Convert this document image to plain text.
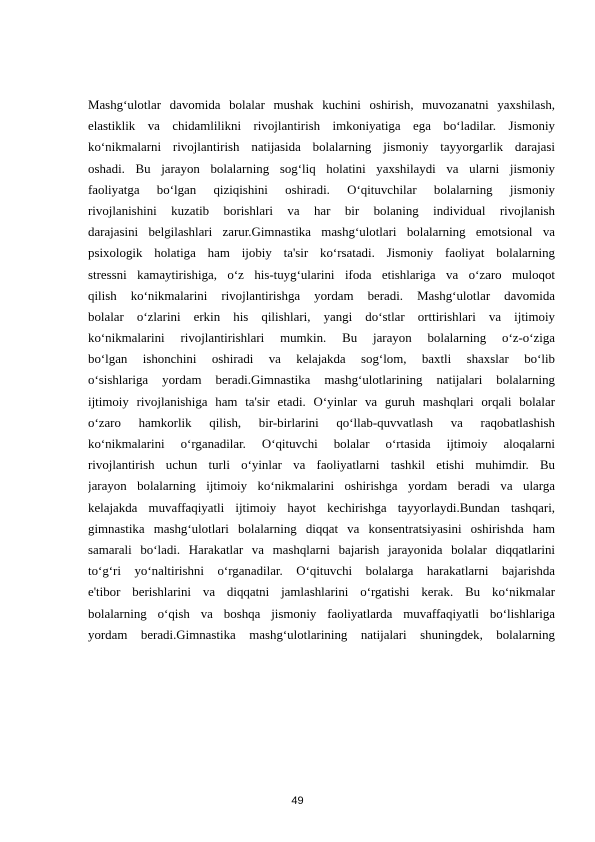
Mashg‘ulotlar davomida bolalar mushak kuchini oshirish, muvozanatni yaxshilash,
elastiklik va chidamlilikni rivojlantirish imkoniyatiga ega bo‘ladilar. Jismoniy
ko‘nikmalarni rivojlantirish natijasida bolalarning jismoniy tayyorgarlik darajasi
oshadi. Bu jarayon bolalarning sog‘liq holatini yaxshilaydi va ularni jismoniy
faoliyatga bo‘lgan qiziqishini oshiradi. O‘qituvchilar bolalarning jismoniy
rivojlanishini kuzatib borishlari va har bir bolaning individual rivojlanish
darajasini belgilashlari zarur.Gimnastika mashg‘ulotlari bolalarning emotsional va
psixologik holatiga ham ijobiy ta'sir ko‘rsatadi. Jismoniy faoliyat bolalarning
stressni kamaytirishiga, o‘z his-tuyg‘ularini ifoda etishlariga va o‘zaro muloqot
qilish ko‘nikmalarini rivojlantirishga yordam beradi. Mashg‘ulotlar davomida
bolalar o‘zlarini erkin his qilishlari, yangi do‘stlar orttirishlari va ijtimoiy
ko‘nikmalarini rivojlantirishlari mumkin. Bu jarayon bolalarning o‘z-o‘ziga
bo‘lgan ishonchini oshiradi va kelajakda sog‘lom, baxtli shaxslar bo‘lib
o‘sishlariga yordam beradi.Gimnastika mashg‘ulotlarining natijalari bolalarning
ijtimoiy rivojlanishiga ham ta'sir etadi. O‘yinlar va guruh mashqlari orqali bolalar
o‘zaro hamkorlik qilish, bir-birlarini qo‘llab-quvvatlash va raqobatlashish
ko‘nikmalarini o‘rganadilar. O‘qituvchi bolalar o‘rtasida ijtimoiy aloqalarni
rivojlantirish uchun turli o‘yinlar va faoliyatlarni tashkil etishi muhimdir. Bu
jarayon bolalarning ijtimoiy ko‘nikmalarini oshirishga yordam beradi va ularga
kelajakda muvaffaqiyatli ijtimoiy hayot kechirishga tayyorlaydi.Bundan tashqari,
gimnastika mashg‘ulotlari bolalarning diqqat va konsentratsiyasini oshirishda ham
samarali bo‘ladi. Harakatlar va mashqlarni bajarish jarayonida bolalar diqqatlarini
to‘g‘ri yo‘naltirishni o‘rganadilar. O‘qituvchi bolalarga harakatlarni bajarishda
e'tibor berishlarini va diqqatni jamlashlarini o‘rgatishi kerak. Bu ko‘nikmalar
bolalarning o‘qish va boshqa jismoniy faoliyatlarda muvaffaqiyatli bo‘lishlariga
yordam beradi.Gimnastika mashg‘ulotlarining natijalari shuningdek, bolalarning
49
